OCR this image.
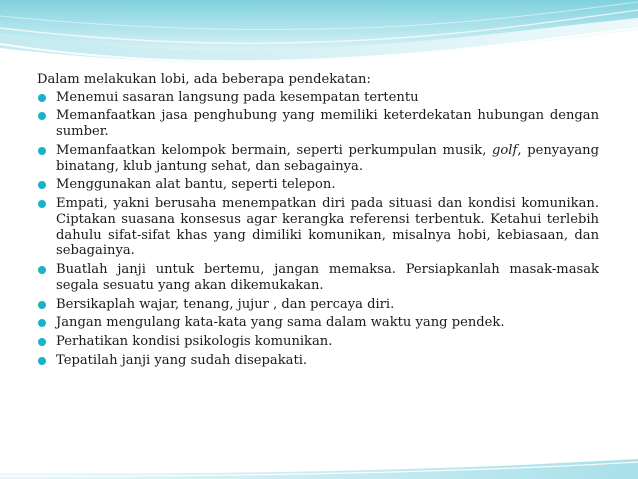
Dalam melakukan lobi, ada beberapa pendekatan:

Menemui sasaran langsung pada kesempatan tertentu
Memanfaatkan jasa penghubung yang memiliki keterdekatan hubungan dengan sumber.
Memanfaatkan kelompok bermain, seperti perkumpulan musik, golf, penyayang binatang, klub jantung sehat, dan sebagainya.
Menggunakan alat bantu, seperti telepon.
Empati, yakni berusaha menempatkan diri pada situasi dan kondisi komunikan. Ciptakan suasana konsesus agar kerangka referensi terbentuk. Ketahui terlebih dahulu sifat-sifat khas yang dimiliki komunikan, misalnya hobi, kebiasaan, dan sebagainya.
Buatlah janji untuk bertemu, jangan memaksa. Persiapkanlah masak-masak segala sesuatu yang akan dikemukakan.
Bersikaplah wajar, tenang, jujur , dan percaya diri.
Jangan mengulang kata-kata yang sama dalam waktu yang pendek.
Perhatikan kondisi psikologis komunikan.
Tepatilah janji yang sudah disepakati.
